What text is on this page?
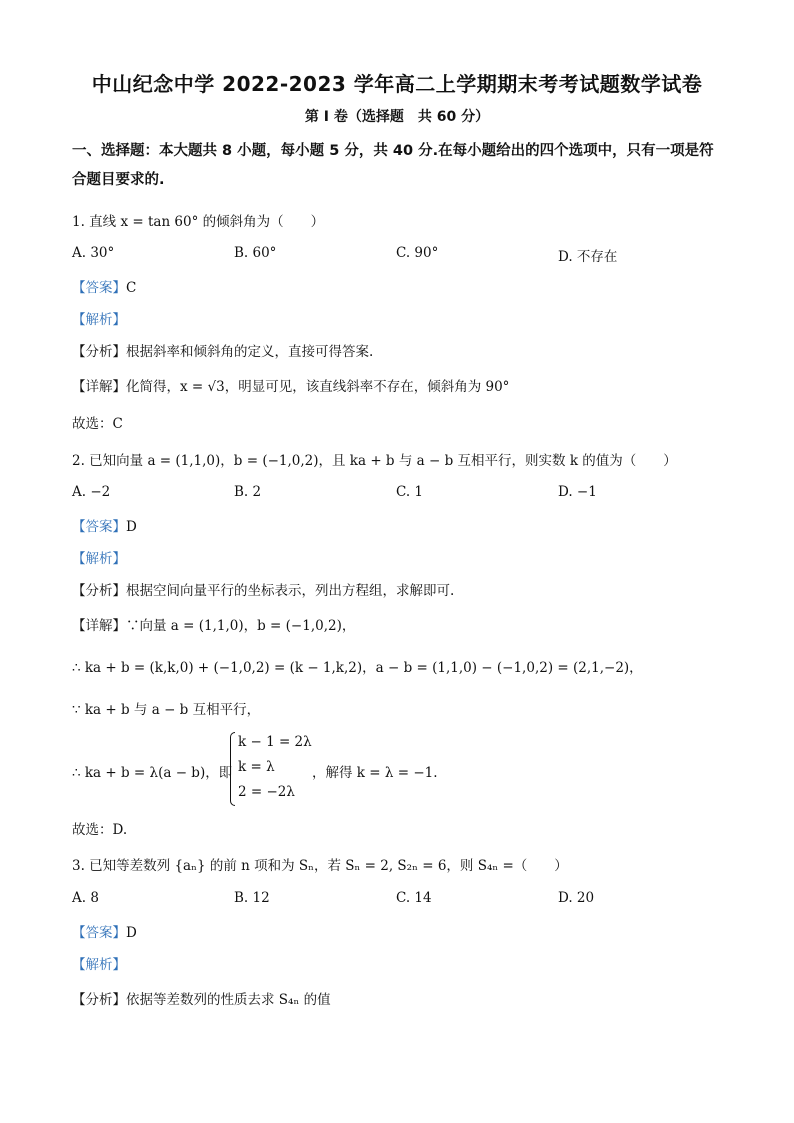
中山纪念中学 2022-2023 学年高二上学期期末考考试题数学试卷
第 I 卷（选择题　共 60 分）
一、选择题：本大题共 8 小题，每小题 5 分，共 40 分.在每小题给出的四个选项中，只有一项是符合题目要求的.
1. 直线 x = tan 60° 的倾斜角为（　　）
A. 30°	B. 60°	C. 90°	D. 不存在
【答案】C
【解析】
【分析】根据斜率和倾斜角的定义，直接可得答案.
【详解】化简得，x = √3，明显可见，该直线斜率不存在，倾斜角为 90°
故选：C
2. 已知向量 a = (1,1,0)，b = (−1,0,2)，且 ka + b 与 a − b 互相平行，则实数 k 的值为（　　）
A. −2	B. 2	C. 1	D. −1
【答案】D
【解析】
【分析】根据空间向量平行的坐标表示，列出方程组，求解即可.
【详解】∵向量 a = (1,1,0)，b = (−1,0,2)，
∴ ka + b = (k,k,0) + (−1,0,2) = (k − 1,k,2)，a − b = (1,1,0) − (−1,0,2) = (2,1,−2)，
∵ ka + b 与 a − b 互相平行，
∴ ka + b = λ(a − b)，即
k − 1 = 2λ
k = λ
2 = −2λ
，解得 k = λ = −1.
故选：D.
3. 已知等差数列 {aₙ} 的前 n 项和为 Sₙ，若 Sₙ = 2, S₂ₙ = 6，则 S₄ₙ =（　　）
A. 8	B. 12	C. 14	D. 20
【答案】D
【解析】
【分析】依据等差数列的性质去求 S₄ₙ 的值
